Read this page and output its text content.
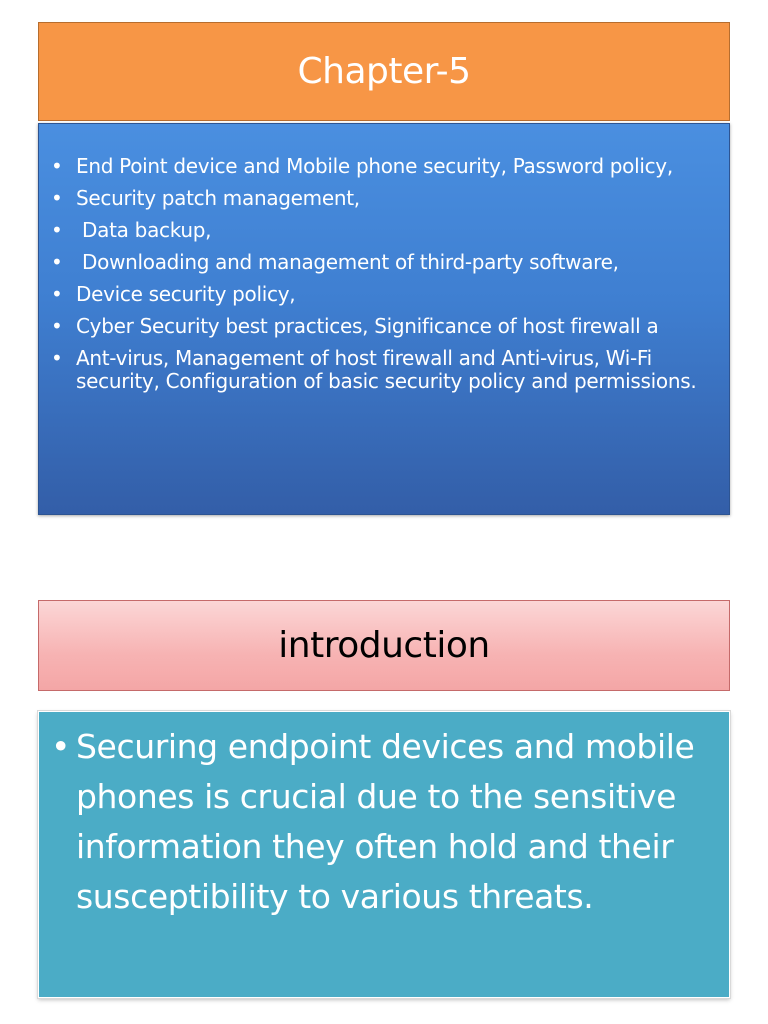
Chapter-5
• End Point device and Mobile phone security, Password policy,
• Security patch management,
• Data backup,
• Downloading and management of third-party software,
• Device security policy,
• Cyber Security best practices, Significance of host firewall a
• Ant-virus, Management of host firewall and Anti-virus, Wi-Fi security, Configuration of basic security policy and permissions.
introduction

• Securing endpoint devices and mobile phones is crucial due to the sensitive information they often hold and their susceptibility to various threats.
